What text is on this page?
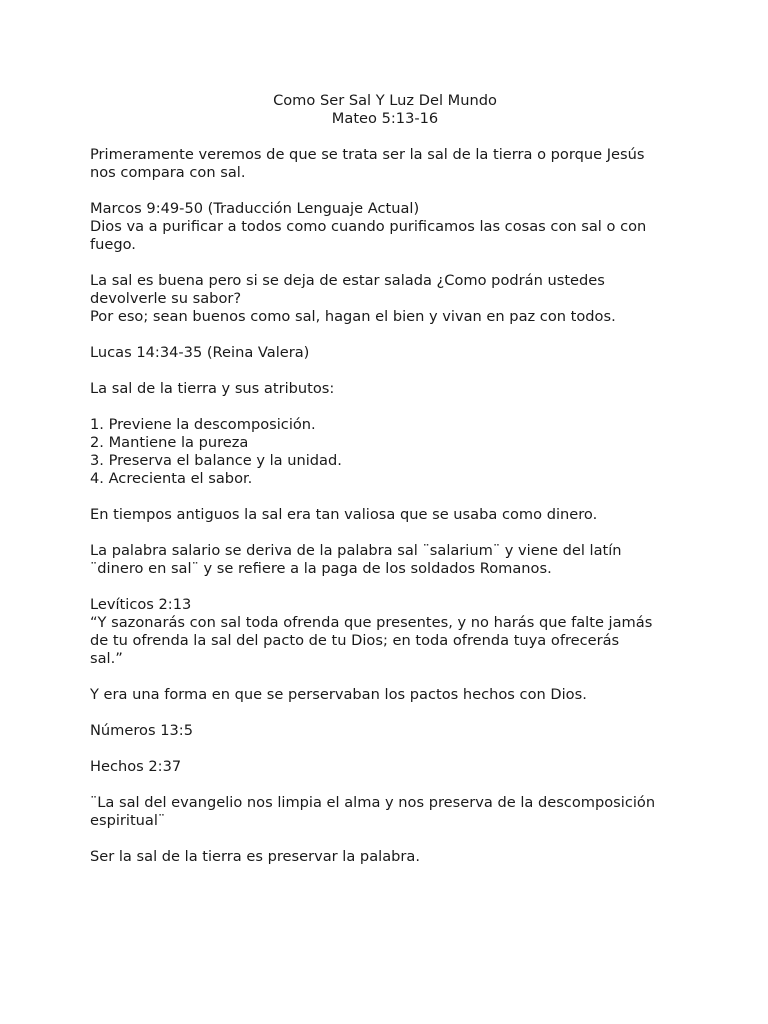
Como Ser Sal Y Luz Del Mundo
Mateo 5:13-16
Primeramente veremos de que se trata ser la sal de la tierra o porque Jesús
nos compara con sal.
Marcos 9:49-50 (Traducción Lenguaje Actual)
Dios va a purificar a todos como cuando purificamos las cosas con sal o con
fuego.
La sal es buena pero si se deja de estar salada ¿Como podrán ustedes
devolverle su sabor?
Por eso; sean buenos como sal, hagan el bien y vivan en paz con todos.
Lucas 14:34-35 (Reina Valera)
La sal de la tierra y sus atributos:
1. Previene la descomposición.
2. Mantiene la pureza
3. Preserva el balance y la unidad.
4. Acrecienta el sabor.
En tiempos antiguos la sal era tan valiosa que se usaba como dinero.
La palabra salario se deriva de la palabra sal ¨salarium¨ y viene del latín
¨dinero en sal¨ y se refiere a la paga de los soldados Romanos.
Levíticos 2:13
“Y sazonarás con sal toda ofrenda que presentes, y no harás que falte jamás
de tu ofrenda la sal del pacto de tu Dios; en toda ofrenda tuya ofrecerás
sal.”
Y era una forma en que se perservaban los pactos hechos con Dios.
Números 13:5
Hechos 2:37
¨La sal del evangelio nos limpia el alma y nos preserva de la descomposición
espiritual¨
Ser la sal de la tierra es preservar la palabra.
